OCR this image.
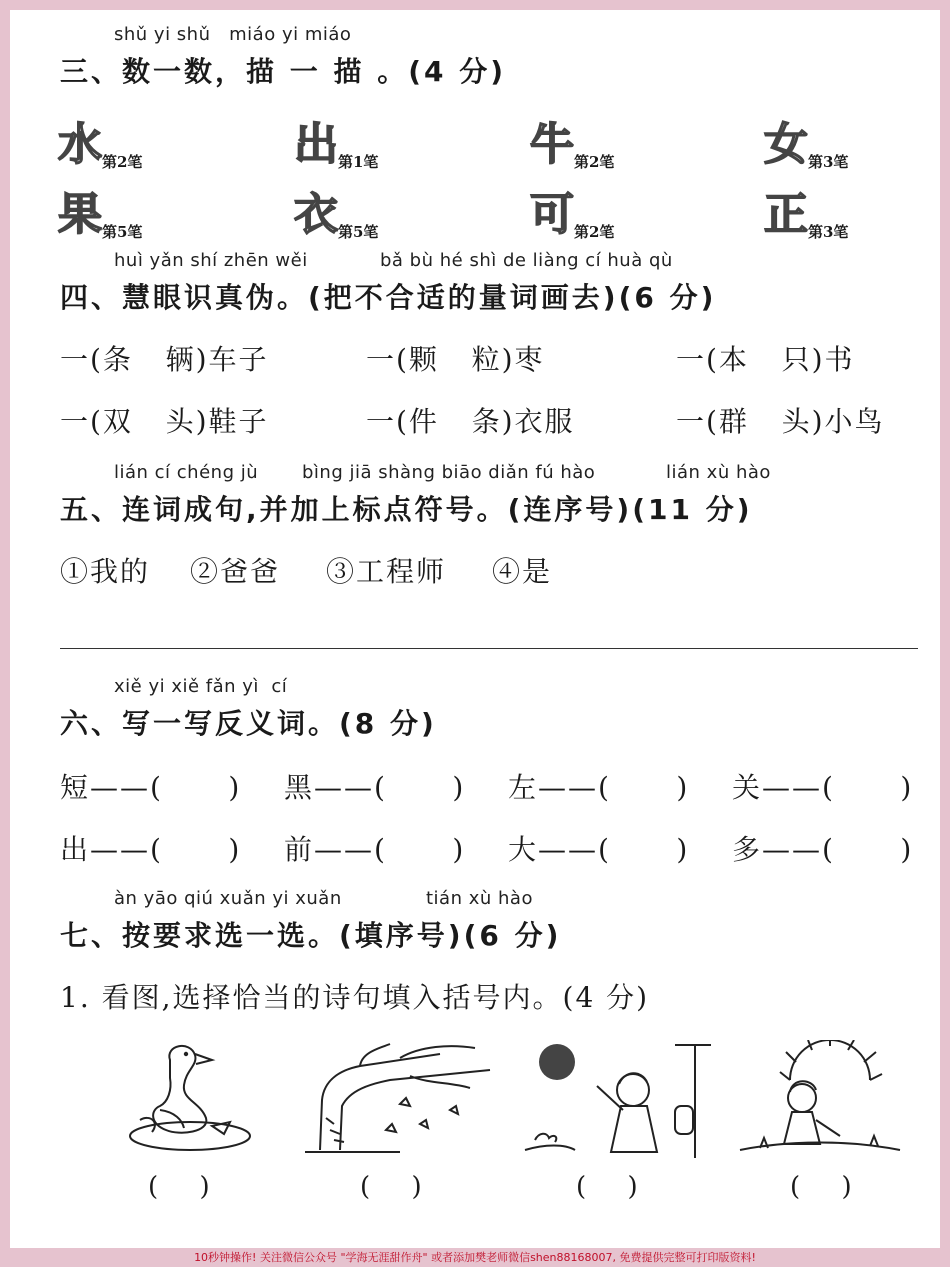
shǔ yi shǔ   miáo yi miáo
三、数一数，描 一 描 。(4 分)
水 第2笔	出 第1笔	牛 第2笔	女 第3笔
果 第5笔	衣 第5笔	可 第2笔	正 第3笔
huì yǎn shí zhēn wěi	bǎ bù hé shì de liàng cí huà qù
四、慧眼识真伪。(把不合适的量词画去)(6 分)
一(条   辆)车子	一(颗   粒)枣	一(本   只)书
一(双   头)鞋子	一(件   条)衣服	一(群   头)小鸟
lián cí chéng jù bìng jiā shàng biāo diǎn fú hào	lián xù hào
五、连词成句,并加上标点符号。(连序号)(11 分)
①我的 ②爸爸 ③工程师 ④是
xiě yi xiě fǎn yì  cí
六、写一写反义词。(8 分)
短——(      ) 黑——(      ) 左——(      ) 关——(      )
出——(      ) 前——(      ) 大——(      ) 多——(      )
àn yāo qiú xuǎn yi xuǎn	tián xù hào
七、按要求选一选。(填序号)(6 分)
1. 看图,选择恰当的诗句填入括号内。(4 分)
(     )	(     )	(     )	(     )
10秒钟操作! 关注微信公众号 "学海无涯甜作舟" 或者添加樊老师微信shen88168007, 免费提供完整可打印版资料!
